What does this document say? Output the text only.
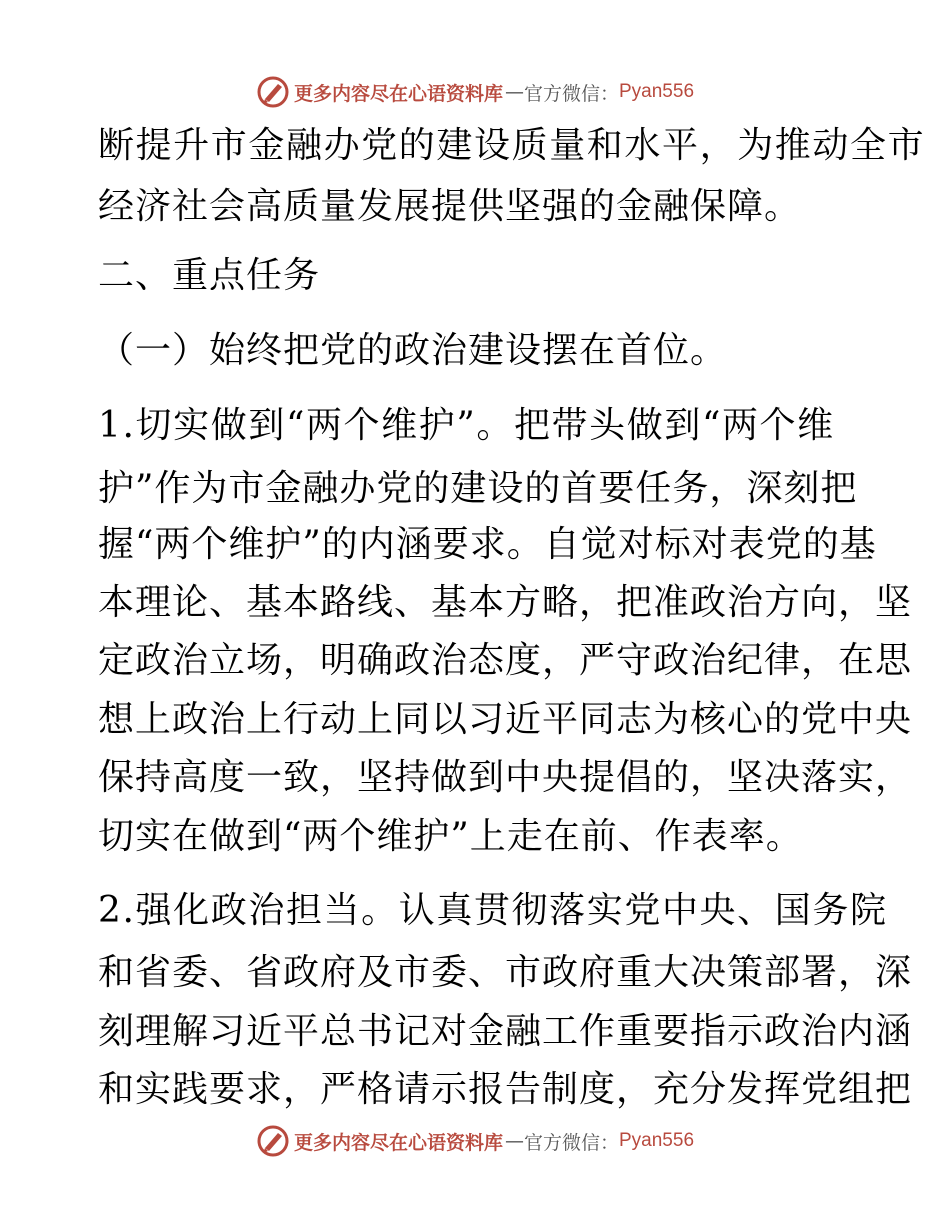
更多内容尽在心语资料库 — 官方微信： Pyan556
断提升市金融办党的建设质量和水平，为推动全市
经济社会高质量发展提供坚强的金融保障。
二、重点任务
（一）始终把党的政治建设摆在首位。
1.切实做到“两个维护”。把带头做到“两个维
护”作为市金融办党的建设的首要任务，深刻把
握“两个维护”的内涵要求。自觉对标对表党的基
本理论、基本路线、基本方略，把准政治方向，坚
定政治立场，明确政治态度，严守政治纪律，在思
想上政治上行动上同以习近平同志为核心的党中央
保持高度一致，坚持做到中央提倡的，坚决落实，
切实在做到“两个维护”上走在前、作表率。
2.强化政治担当。认真贯彻落实党中央、国务院
和省委、省政府及市委、市政府重大决策部署，深
刻理解习近平总书记对金融工作重要指示政治内涵
和实践要求，严格请示报告制度，充分发挥党组把
更多内容尽在心语资料库 — 官方微信： Pyan556
